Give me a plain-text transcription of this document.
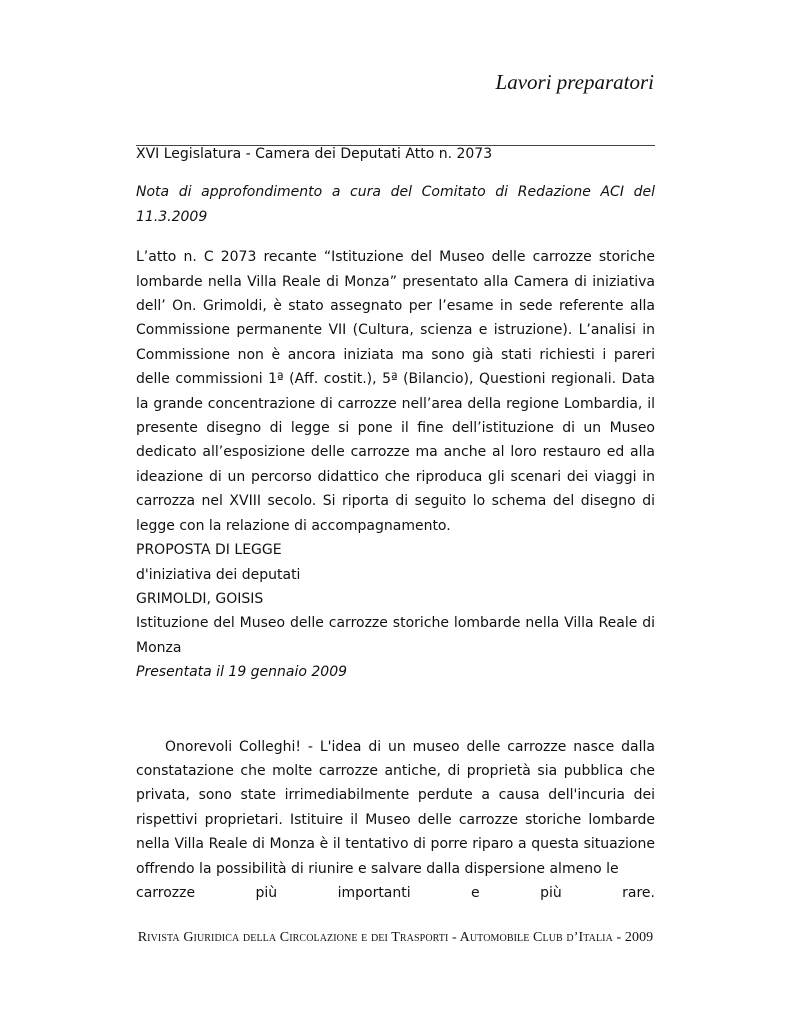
Lavori preparatori

XVI Legislatura - Camera dei Deputati Atto n. 2073

Nota di approfondimento a cura del Comitato di Redazione ACI del 11.3.2009

L’atto n. C 2073 recante “Istituzione del Museo delle carrozze storiche lombarde nella Villa Reale di Monza” presentato alla Camera di iniziativa dell’ On. Grimoldi, è stato assegnato per l’esame in sede referente alla Commissione permanente VII (Cultura, scienza e istruzione). L’analisi in Commissione non è ancora iniziata ma sono già stati richiesti i pareri delle commissioni 1ª (Aff. costit.), 5ª (Bilancio), Questioni regionali. Data la grande concentrazione di carrozze nell’area della regione Lombardia, il presente disegno di legge si pone il fine dell’istituzione di un Museo dedicato all’esposizione delle carrozze ma anche al loro restauro ed alla ideazione di un percorso didattico che riproduca gli scenari dei viaggi in carrozza nel XVIII secolo. Si riporta di seguito lo schema del disegno di legge con la relazione di accompagnamento.

PROPOSTA DI LEGGE

d'iniziativa dei deputati

GRIMOLDI, GOISIS

Istituzione del Museo delle carrozze storiche lombarde nella Villa Reale di Monza

Presentata il 19 gennaio 2009

Onorevoli Colleghi! - L'idea di un museo delle carrozze nasce dalla constatazione che molte carrozze antiche, di proprietà sia pubblica che privata, sono state irrimediabilmente perdute a causa dell'incuria dei rispettivi proprietari. Istituire il Museo delle carrozze storiche lombarde nella Villa Reale di Monza è il tentativo di porre riparo a questa situazione offrendo la possibilità di riunire e salvare dalla dispersione almeno le

carrozze più importanti e più rare.

Rivista Giuridica della Circolazione e dei Trasporti - Automobile Club d’Italia - 2009
